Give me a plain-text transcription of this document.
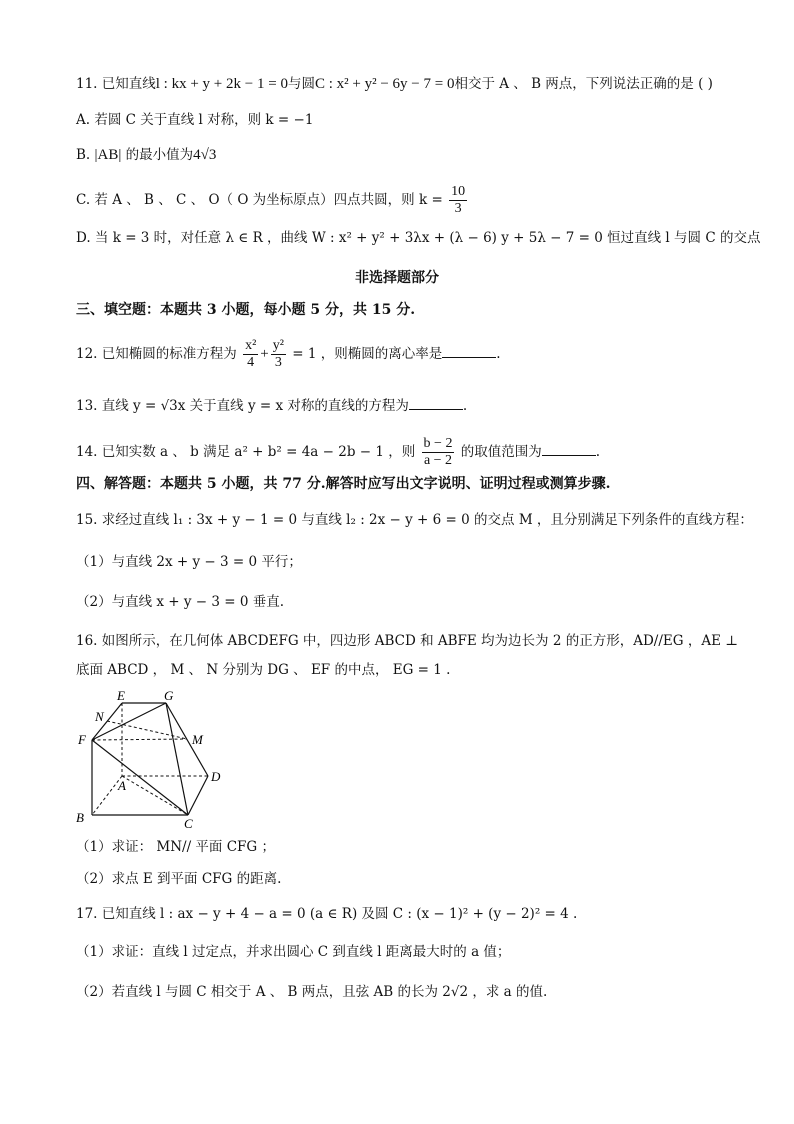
11. 已知直线l : kx + y + 2k − 1 = 0与圆C : x² + y² − 6y − 7 = 0相交于 A 、 B 两点，下列说法正确的是 ( )
A. 若圆 C 关于直线 l 对称，则 k = −1
B. |AB| 的最小值为4√3
C. 若 A 、 B 、 C 、 O（ O 为坐标原点）四点共圆，则 $k = \frac{10}{3}$
D. 当 k = 3 时，对任意 λ ∈ R ，曲线 W : x² + y² + 3λx + (λ − 6) y + 5λ − 7 = 0 恒过直线 l 与圆 C 的交点
非选择题部分
三、填空题：本题共 3 小题，每小题 5 分，共 15 分.
12. 已知椭圆的标准方程为 $\frac{\text{x²}}{4} + \frac{\text{y²}}{3} = 1$ ，则椭圆的离心率是	.
13. 直线 y = √3x 关于直线 y = x 对称的直线的方程为	.
14. 已知实数 a 、 b 满足 a² + b² = 4a − 2b − 1 ，则 $\frac{b - 2}{a - 2}$ 的取值范围为	.
四、解答题：本题共 5 小题，共 77 分.解答时应写出文字说明、证明过程或测算步骤.
15. 求经过直线 l₁ : 3x + y − 1 = 0 与直线 l₂ : 2x − y + 6 = 0 的交点 M ，且分别满足下列条件的直线方程：
（1）与直线 2x + y − 3 = 0 平行；
（2）与直线 x + y − 3 = 0 垂直.
16. 如图所示，在几何体 ABCDEFG 中，四边形 ABCD 和 ABFE 均为边长为 2 的正方形，AD//EG ，AE ⊥
底面 ABCD ， M 、 N 分别为 DG 、 EF 的中点， EG = 1 .
E	G
N
F	M
A
D
B	C
（1）求证： MN// 平面 CFG ；
（2）求点 E 到平面 CFG 的距离.
17. 已知直线 l : ax − y + 4 − a = 0 (a ∈ R) 及圆 C : (x − 1)² + (y − 2)² = 4 .
（1）求证：直线 l 过定点，并求出圆心 C 到直线 l 距离最大时的 a 值；
（2）若直线 l 与圆 C 相交于 A 、 B 两点，且弦 AB 的长为 2√2 ，求 a 的值.
